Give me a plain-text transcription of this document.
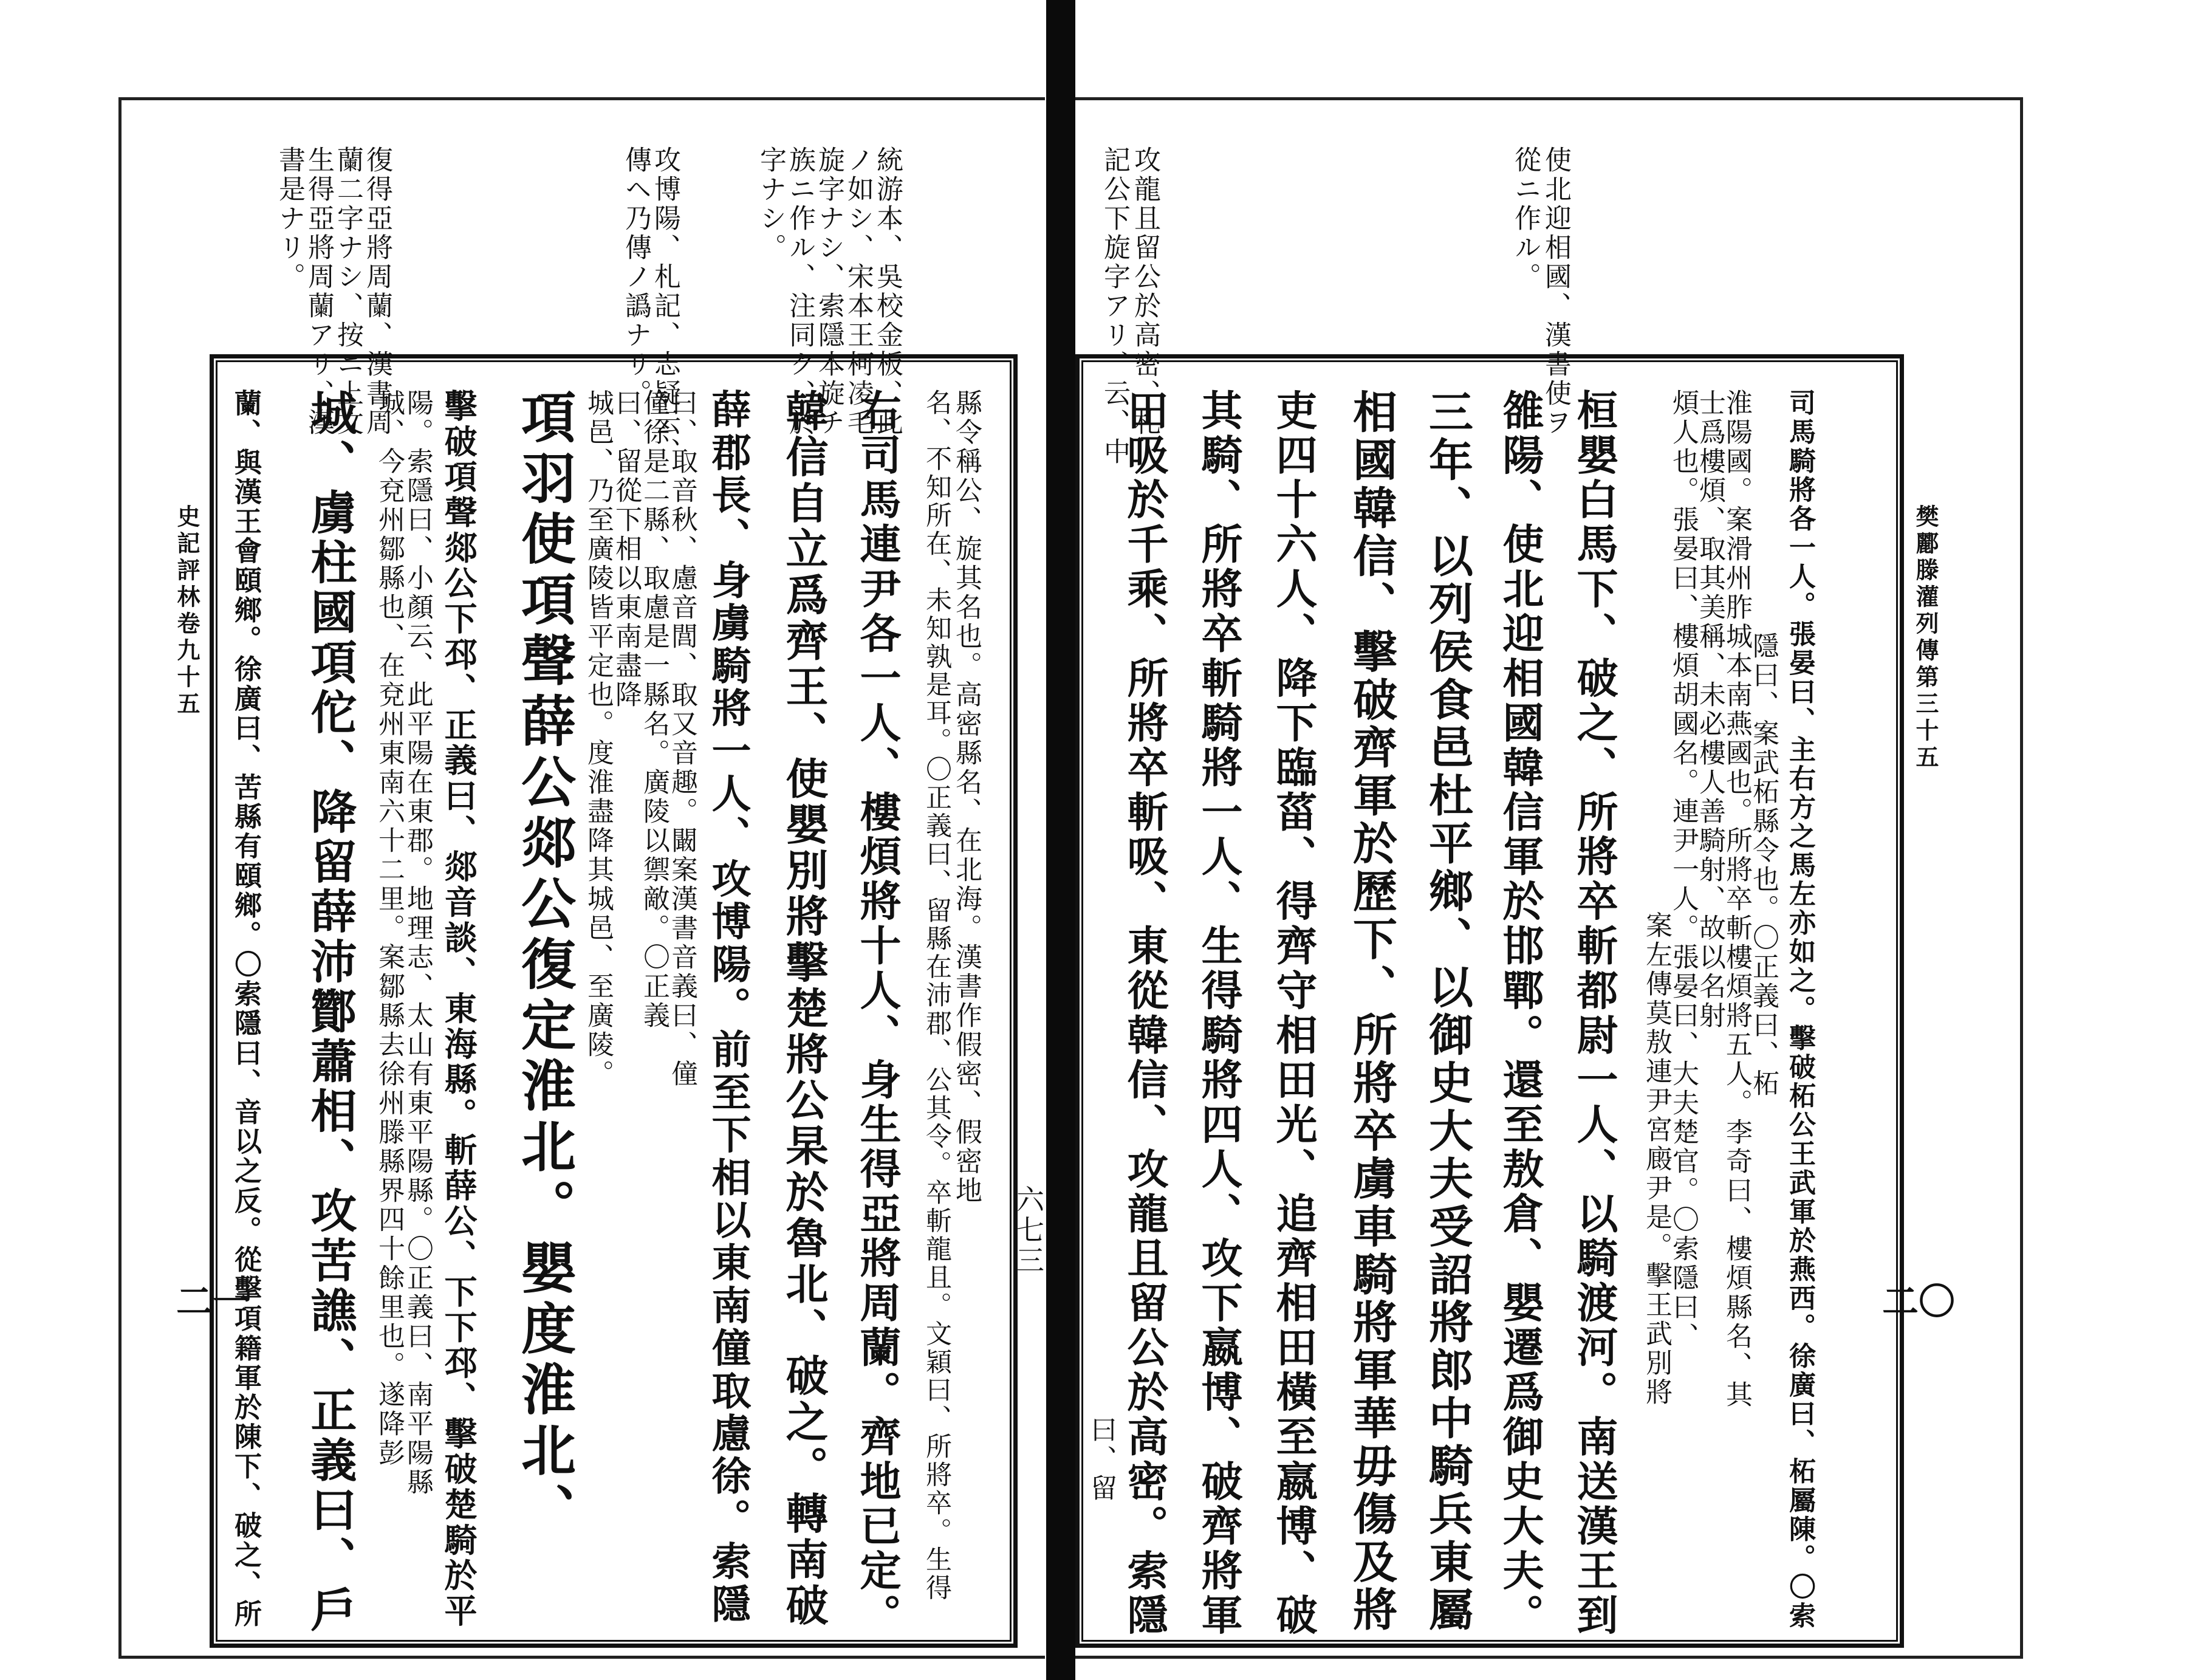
樊酈滕灌列傳第三十五
二〇
使北迎相國、漢書使ヲ
從ニ作ル。
攻龍且留公於高密、札
記公下旋字アリ、云、中
司馬騎將各一人。張晏曰、主右方之馬左亦如之。擊破柘公王武軍於燕西。徐廣曰、柘屬陳。〇索
隱曰、案武柘縣令也。〇正義曰、柘
淮陽國。案滑州胙城本南燕國也。所將卒斬樓煩將五人。李奇曰、樓煩縣名、其
士爲樓煩、取其美稱、未必樓人善騎射、故以名射
煩人也。張晏曰、樓煩胡國名。連尹一人。張晏曰、大夫楚官。〇索隱曰、
案左傳莫敖連尹宮廄尹是。擊王武別將
桓嬰白馬下、破之、所將卒斬都尉一人、以騎渡河。南送漢王到
雒陽、使北迎相國韓信軍於邯鄲。還至敖倉、嬰遷爲御史大夫。
三年、以列侯食邑杜平鄉、以御史大夫受詔將郎中騎兵東屬
相國韓信、擊破齊軍於歷下、所將卒虜車騎將軍華毋傷及將
吏四十六人、降下臨菑、得齊守相田光、追齊相田橫至嬴博、破
其騎、所將卒斬騎將一人、生得騎將四人、攻下嬴博、破齊將軍
田吸於千乘、所將卒斬吸、東從韓信、攻龍且留公於高密。索隱
曰、留
史記評林卷九十五
二一
六七三
統游本、吳校金板、此
ノ如シ、宋本王柯凌毛
旋字ナシ、索隱本旋チ
族ニ作ル、注同ク、於
字ナシ。
攻博陽、札記、志疑云、
傳ヘ乃傳ノ譌ナリ。
復得亞將周蘭、漢書周
蘭二字ナシ、按ニ上文
生得亞將周蘭アリ、漢
書是ナリ。
縣令稱公、旋其名也。高密縣名、在北海。漢書作假密、假密地
名、不知所在、未知孰是耳。〇正義曰、留縣在沛郡、公其令。卒斬龍且。文穎曰、所將卒。生得
右司馬連尹各一人、樓煩將十人、身生得亞將周蘭。齊地已定。
韓信自立爲齊王、使嬰別將擊楚將公杲於魯北、破之。轉南破
薛郡長、身虜騎將一人、攻博陽。前至下相以東南僮取慮徐。索隱
曰、取音秋、慮音閭、取又音趣。闞案漢書音義曰、僮
僮徐是二縣、取慮是一縣名。廣陵以禦敵。〇正義
曰、留從下相以東南盡降
城邑、乃至廣陵皆平定也。度淮盡降其城邑、至廣陵。
項羽使項聲薛公郯公復定淮北。嬰度淮北、
擊破項聲郯公下邳、正義曰、郯音談、東海縣。斬薛公、下下邳、擊破楚騎於平
陽。索隱曰、小顏云、此平陽在東郡。地理志、太山有東平陽縣。〇正義曰、南平陽縣
城、今兗州鄒縣也、在兗州東南六十二里。案鄒縣去徐州滕縣界四十餘里也。遂降彭
城、虜柱國項佗、降留薛沛酇蕭相、攻苦譙、正義曰、戶
蘭、與漢王會頤鄉。徐廣曰、苦縣有頤鄉。〇索隱曰、音以之反。從擊項籍軍於陳下、破之、所
